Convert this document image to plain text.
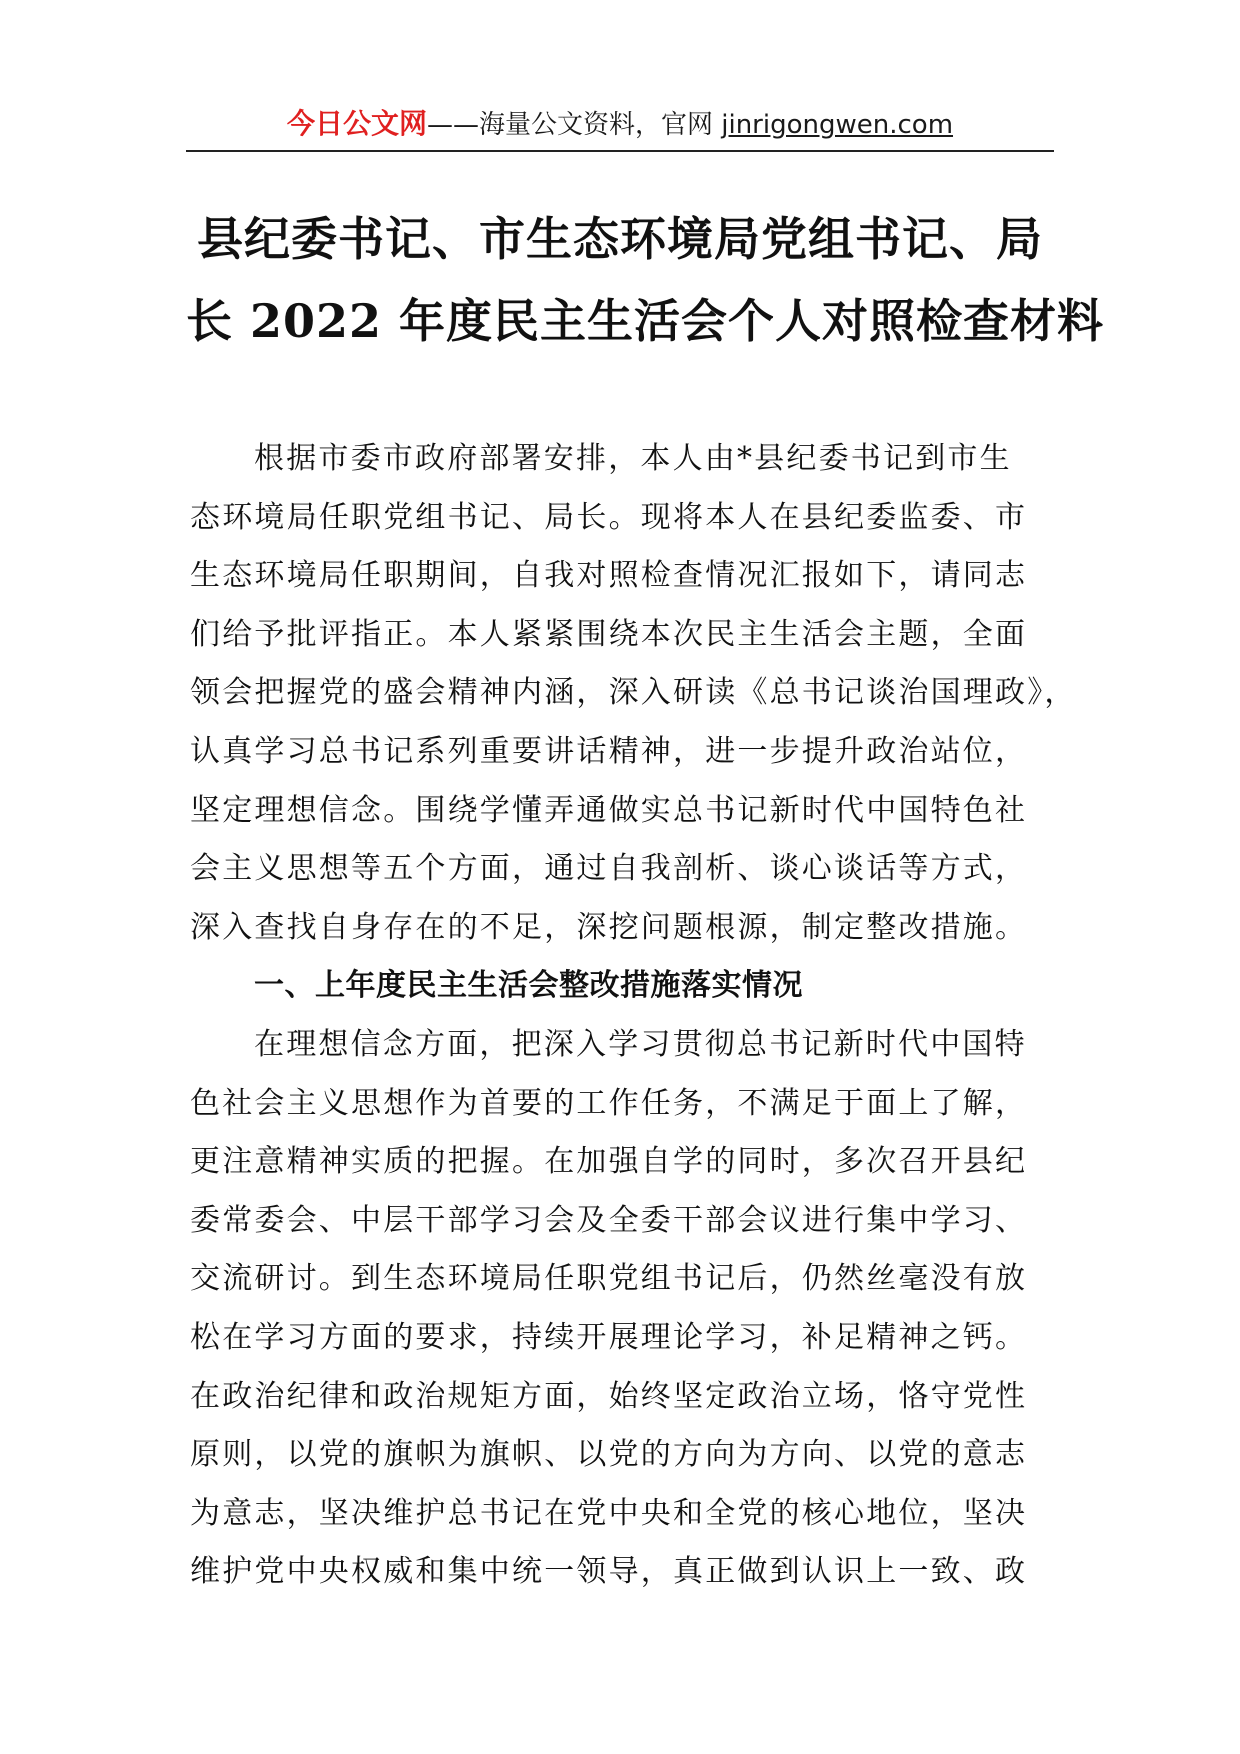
今日公文网——海量公文资料，官网 jinrigongwen.com
县纪委书记、市生态环境局党组书记、局
长 2022 年度民主生活会个人对照检查材料
根据市委市政府部署安排，本人由*县纪委书记到市生
态环境局任职党组书记、局长。现将本人在县纪委监委、市
生态环境局任职期间，自我对照检查情况汇报如下，请同志
们给予批评指正。本人紧紧围绕本次民主生活会主题，全面
领会把握党的盛会精神内涵，深入研读《总书记谈治国理政》，
认真学习总书记系列重要讲话精神，进一步提升政治站位，
坚定理想信念。围绕学懂弄通做实总书记新时代中国特色社
会主义思想等五个方面，通过自我剖析、谈心谈话等方式，
深入查找自身存在的不足，深挖问题根源，制定整改措施。
一、上年度民主生活会整改措施落实情况
在理想信念方面，把深入学习贯彻总书记新时代中国特
色社会主义思想作为首要的工作任务，不满足于面上了解，
更注意精神实质的把握。在加强自学的同时，多次召开县纪
委常委会、中层干部学习会及全委干部会议进行集中学习、
交流研讨。到生态环境局任职党组书记后，仍然丝毫没有放
松在学习方面的要求，持续开展理论学习，补足精神之钙。
在政治纪律和政治规矩方面，始终坚定政治立场，恪守党性
原则，以党的旗帜为旗帜、以党的方向为方向、以党的意志
为意志，坚决维护总书记在党中央和全党的核心地位，坚决
维护党中央权威和集中统一领导，真正做到认识上一致、政
